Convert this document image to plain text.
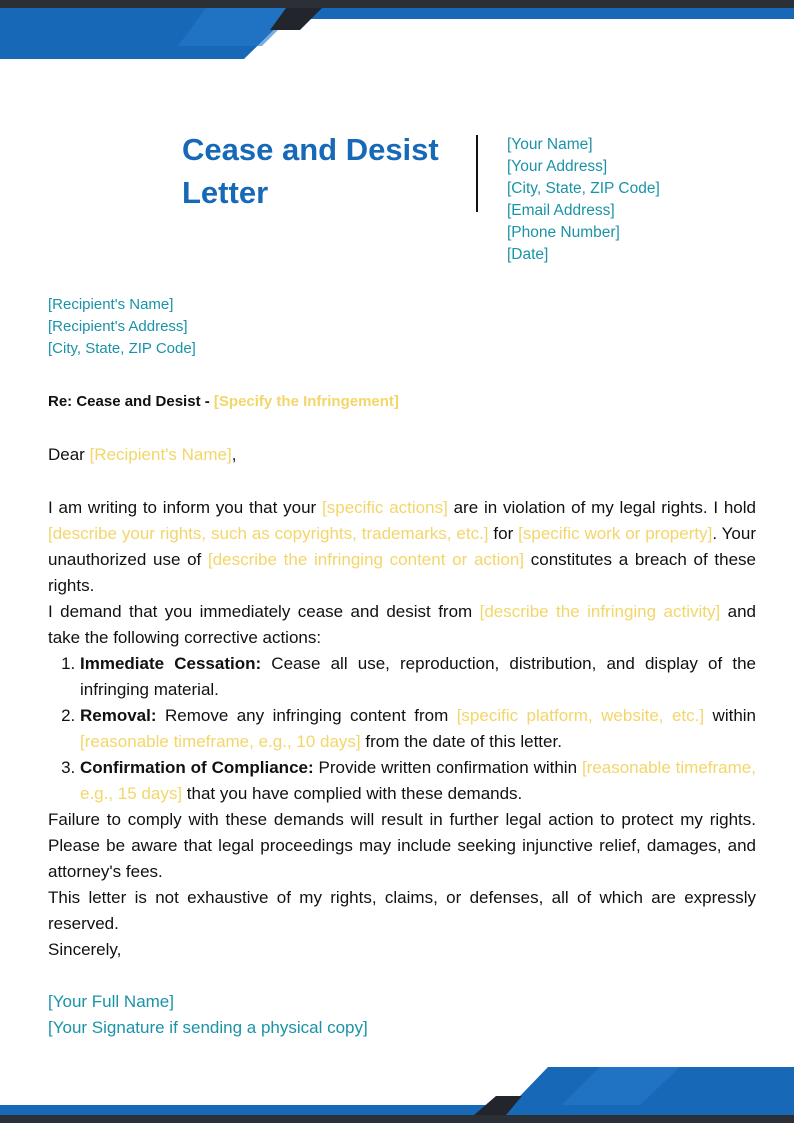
Cease and Desist Letter
[Your Name]
[Your Address]
[City, State, ZIP Code]
[Email Address]
[Phone Number]
[Date]
[Recipient's Name]
[Recipient's Address]
[City, State, ZIP Code]
Re: Cease and Desist - [Specify the Infringement]
Dear [Recipient's Name],

I am writing to inform you that your [specific actions] are in violation of my legal rights. I hold [describe your rights, such as copyrights, trademarks, etc.] for [specific work or property]. Your unauthorized use of [describe the infringing content or action] constitutes a breach of these rights.

I demand that you immediately cease and desist from [describe the infringing activity] and take the following corrective actions:

1. Immediate Cessation: Cease all use, reproduction, distribution, and display of the infringing material.
2. Removal: Remove any infringing content from [specific platform, website, etc.] within [reasonable timeframe, e.g., 10 days] from the date of this letter.
3. Confirmation of Compliance: Provide written confirmation within [reasonable timeframe, e.g., 15 days] that you have complied with these demands.

Failure to comply with these demands will result in further legal action to protect my rights. Please be aware that legal proceedings may include seeking injunctive relief, damages, and attorney's fees.

This letter is not exhaustive of my rights, claims, or defenses, all of which are expressly reserved.

Sincerely,

[Your Full Name]
[Your Signature if sending a physical copy]
